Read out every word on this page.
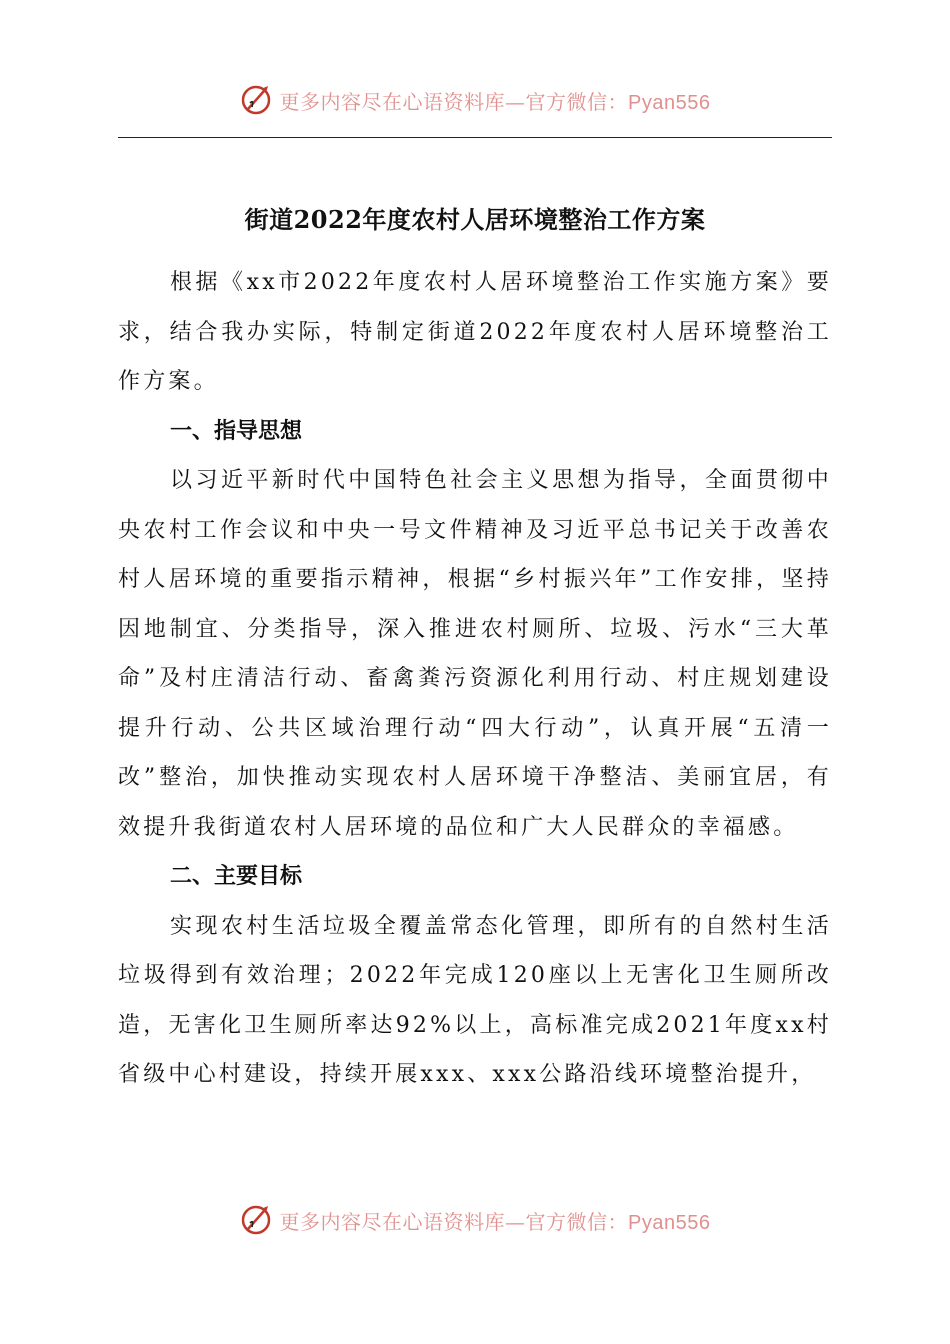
更多内容尽在心语资料库—官方微信：Pyan556
街道2022年度农村人居环境整治工作方案

根据《xx市2022年度农村人居环境整治工作实施方案》要求，结合我办实际，特制定街道2022年度农村人居环境整治工作方案。

一、指导思想

以习近平新时代中国特色社会主义思想为指导，全面贯彻中央农村工作会议和中央一号文件精神及习近平总书记关于改善农村人居环境的重要指示精神，根据“乡村振兴年”工作安排，坚持因地制宜、分类指导，深入推进农村厕所、垃圾、污水“三大革命”及村庄清洁行动、畜禽粪污资源化利用行动、村庄规划建设提升行动、公共区域治理行动“四大行动”，认真开展“五清一改”整治，加快推动实现农村人居环境干净整洁、美丽宜居，有效提升我街道农村人居环境的品位和广大人民群众的幸福感。

二、主要目标

实现农村生活垃圾全覆盖常态化管理，即所有的自然村生活垃圾得到有效治理；2022年完成120座以上无害化卫生厕所改造，无害化卫生厕所率达92%以上，高标准完成2021年度xx村省级中心村建设，持续开展xxx、xxx公路沿线环境整治提升，

更多内容尽在心语资料库—官方微信：Pyan556
